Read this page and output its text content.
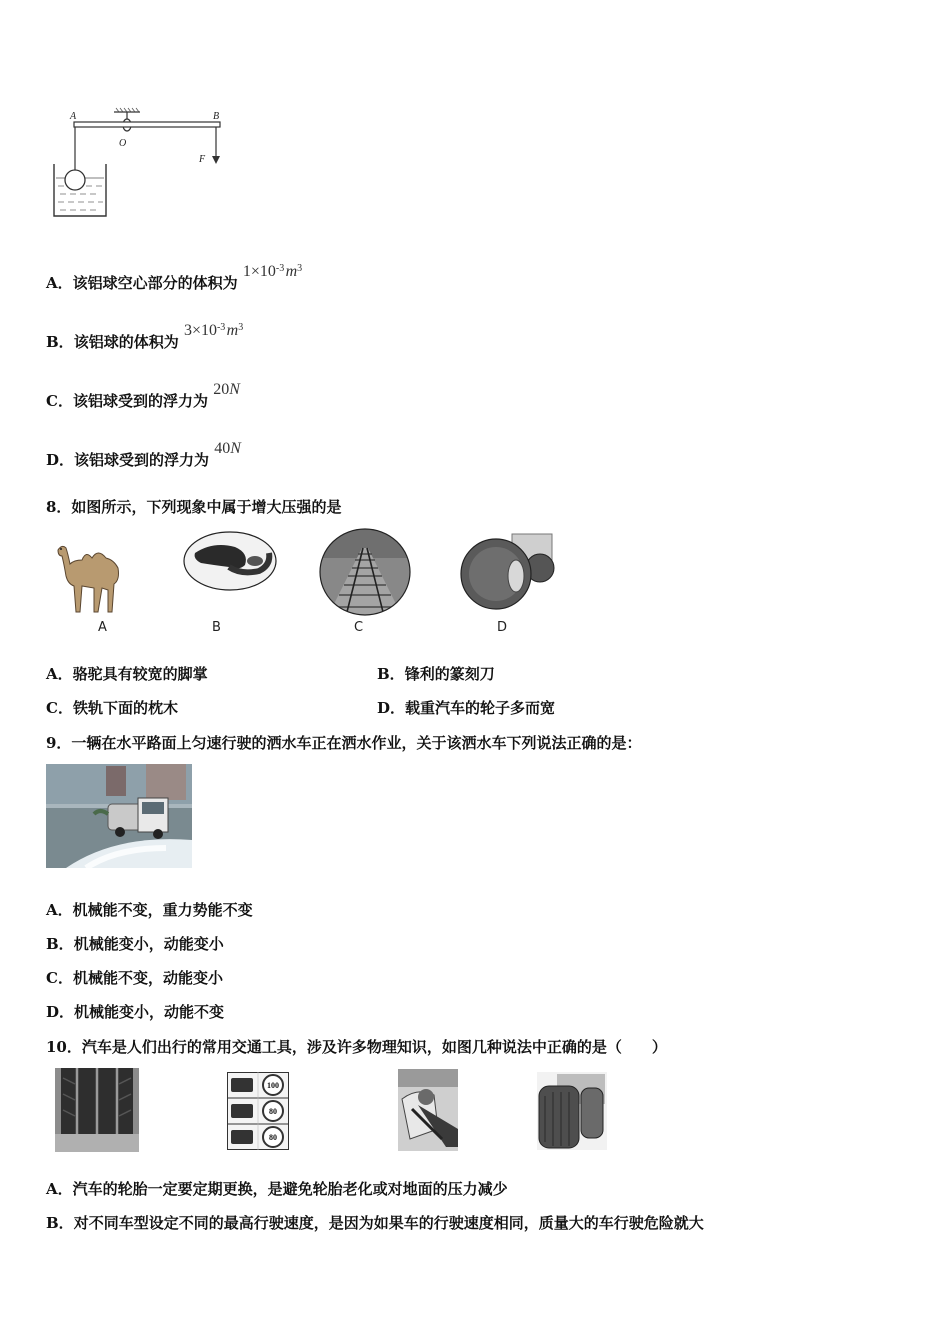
A	B
O
F
A．该铝球空心部分的体积为 $1\times 10^{-3}$ $m^3$
B．该铝球的体积为 $3\times 10^{-3}$ $m^3$
C．该铝球受到的浮力为 20N
D．该铝球受到的浮力为 40N
8．如图所示，下列现象中属于增大压强的是
A	B	C	D
A．骆驼具有较宽的脚掌	B．锋利的篆刻刀
C．铁轨下面的枕木	D．载重汽车的轮子多而宽
9．一辆在水平路面上匀速行驶的洒水车正在洒水作业，关于该洒水车下列说法正确的是：
A．机械能不变，重力势能不变
B．机械能变小，动能变小
C．机械能不变，动能变小
D．机械能变小，动能不变
10．汽车是人们出行的常用交通工具，涉及许多物理知识，如图几种说法中正确的是（　　）
100
80
80
A．汽车的轮胎一定要定期更换，是避免轮胎老化或对地面的压力减少
B．对不同车型设定不同的最高行驶速度，是因为如果车的行驶速度相同，质量大的车行驶危险就大
